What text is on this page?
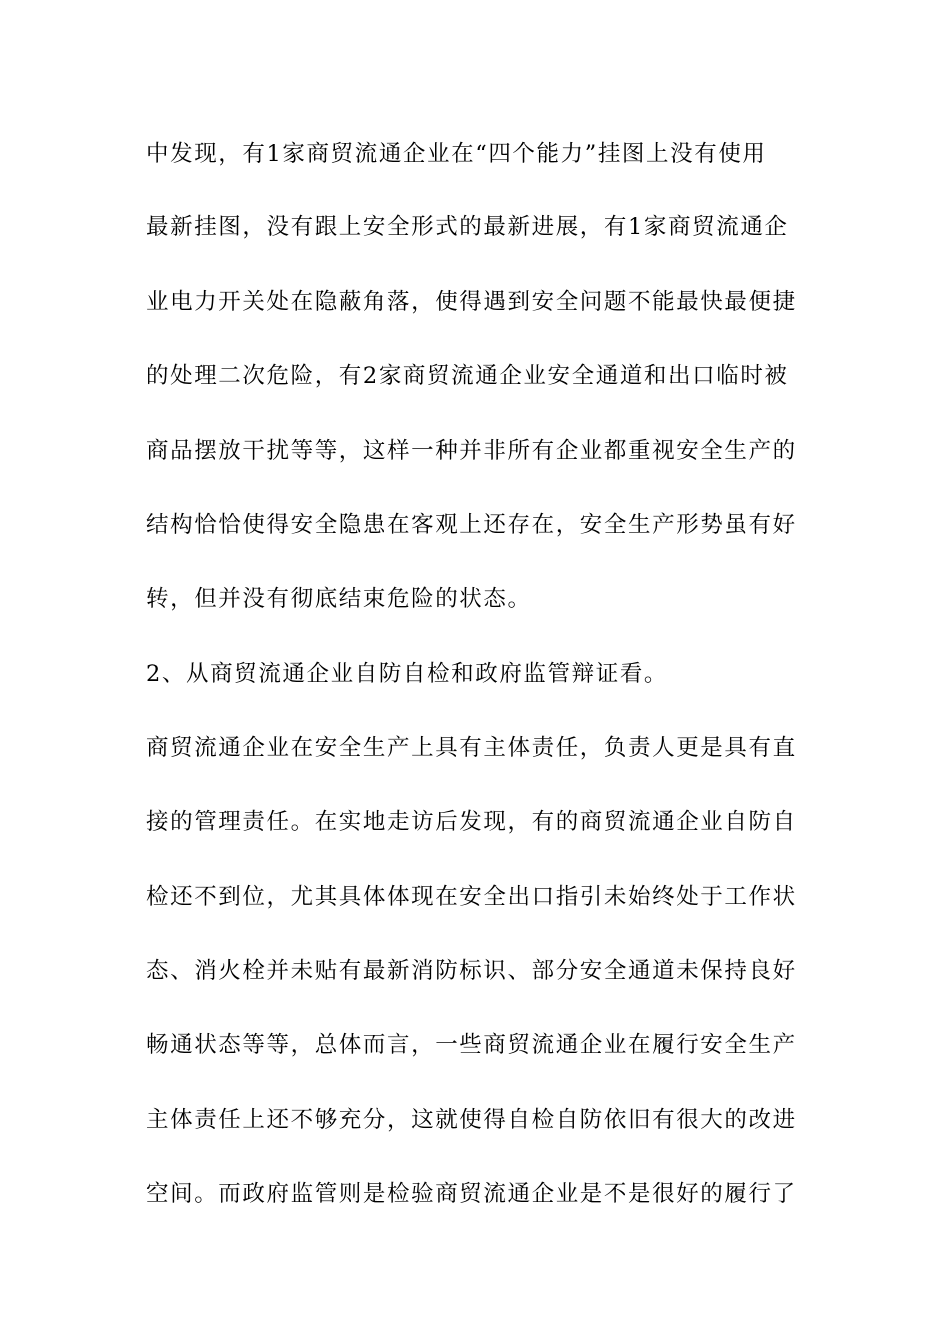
中发现，有1家商贸流通企业在“四个能力”挂图上没有使用
最新挂图，没有跟上安全形式的最新进展，有1家商贸流通企
业电力开关处在隐蔽角落，使得遇到安全问题不能最快最便捷
的处理二次危险，有2家商贸流通企业安全通道和出口临时被
商品摆放干扰等等，这样一种并非所有企业都重视安全生产的
结构恰恰使得安全隐患在客观上还存在，安全生产形势虽有好
转，但并没有彻底结束危险的状态。
2、从商贸流通企业自防自检和政府监管辩证看。
商贸流通企业在安全生产上具有主体责任，负责人更是具有直
接的管理责任。在实地走访后发现，有的商贸流通企业自防自
检还不到位，尤其具体体现在安全出口指引未始终处于工作状
态、消火栓并未贴有最新消防标识、部分安全通道未保持良好
畅通状态等等，总体而言，一些商贸流通企业在履行安全生产
主体责任上还不够充分，这就使得自检自防依旧有很大的改进
空间。而政府监管则是检验商贸流通企业是不是很好的履行了
